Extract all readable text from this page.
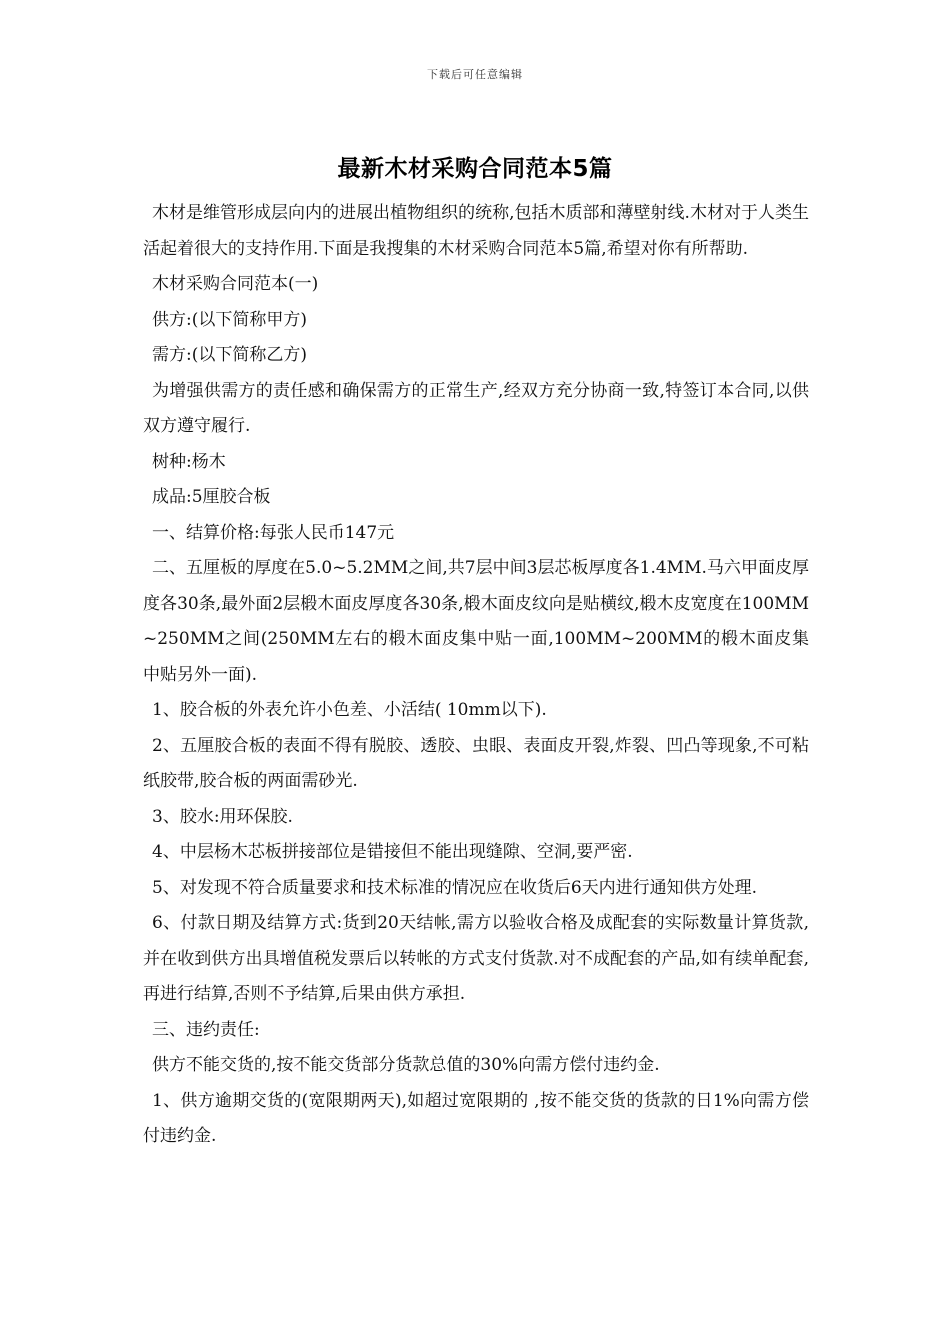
下载后可任意编辑
最新木材采购合同范本5篇

木材是维管形成层向内的进展出植物组织的统称,包括木质部和薄壁射线.木材对于人类生活起着很大的支持作用.下面是我搜集的木材采购合同范本5篇,希望对你有所帮助.

木材采购合同范本(一)

供方:(以下简称甲方)

需方:(以下简称乙方)

为增强供需方的责任感和确保需方的正常生产,经双方充分协商一致,特签订本合同,以供双方遵守履行.

树种:杨木

成品:5厘胶合板

一、结算价格:每张人民币147元

二、五厘板的厚度在5.0~5.2MM之间,共7层中间3层芯板厚度各1.4MM.马六甲面皮厚度各30条,最外面2层椴木面皮厚度各30条,椴木面皮纹向是贴横纹,椴木皮宽度在100MM~250MM之间(250MM左右的椴木面皮集中贴一面,100MM~200MM的椴木面皮集中贴另外一面).

1、胶合板的外表允许小色差、小活结( 10mm以下).

2、五厘胶合板的表面不得有脱胶、透胶、虫眼、表面皮开裂,炸裂、凹凸等现象,不可粘纸胶带,胶合板的两面需砂光.

3、胶水:用环保胶.

4、中层杨木芯板拼接部位是错接但不能出现缝隙、空洞,要严密.

5、对发现不符合质量要求和技术标准的情况应在收货后6天内进行通知供方处理.

6、付款日期及结算方式:货到20天结帐,需方以验收合格及成配套的实际数量计算货款,并在收到供方出具增值税发票后以转帐的方式支付货款.对不成配套的产品,如有续单配套,再进行结算,否则不予结算,后果由供方承担.

三、违约责任:

供方不能交货的,按不能交货部分货款总值的30%向需方偿付违约金.

1、供方逾期交货的(宽限期两天),如超过宽限期的 ,按不能交货的货款的日1%向需方偿付违约金.
